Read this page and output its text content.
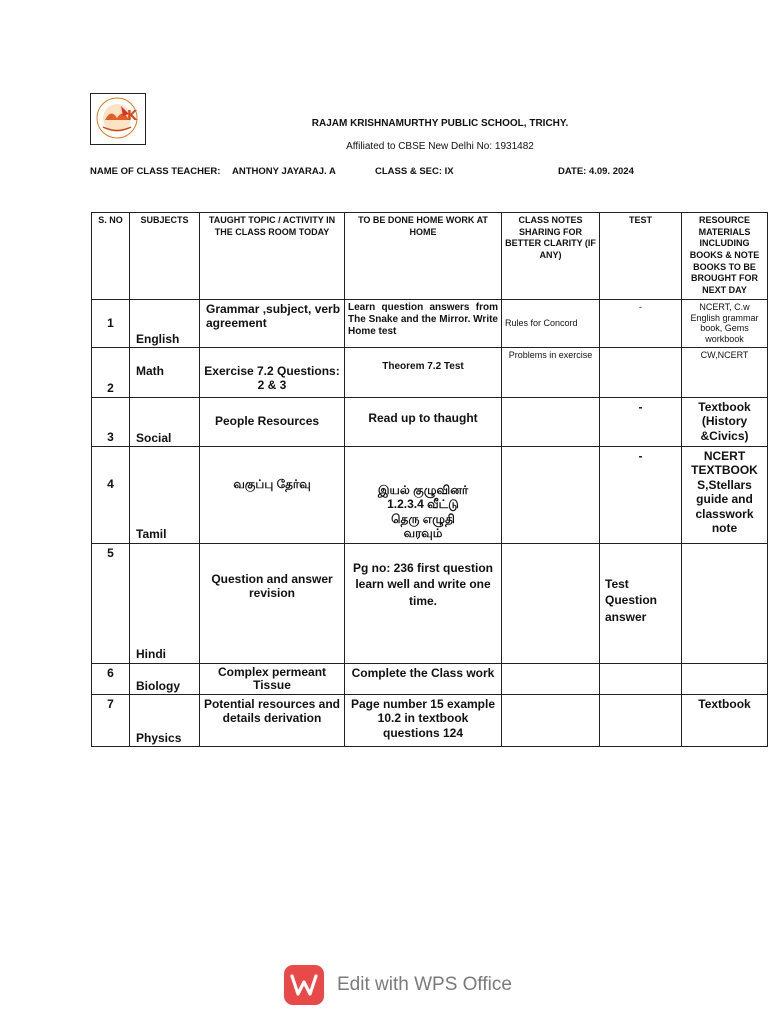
K	RAJAM KRISHNAMURTHY PUBLIC SCHOOL, TRICHY.
Affiliated to CBSE New Delhi No: 1931482
NAME OF CLASS TEACHER: ANTHONY JAYARAJ. A	CLASS & SEC: IX	DATE: 4.09. 2024
S. NO	SUBJECTS	TAUGHT TOPIC / ACTIVITY IN THE CLASS ROOM TODAY	TO BE DONE HOME WORK AT HOME	CLASS NOTES SHARING FOR BETTER CLARITY (IF ANY)	TEST	RESOURCE MATERIALS INCLUDING BOOKS & NOTE BOOKS TO BE BROUGHT FOR NEXT DAY
1	English	Grammar ,subject, verb agreement	Learn question answers from The Snake and the Mirror. Write Home test	Rules for Concord	-	NCERT, C.w English grammar book, Gems workbook
2	Math	Exercise 7.2 Questions: 2 & 3	Theorem 7.2 Test	Problems in exercise		CW,NCERT
3	Social	People Resources	Read up to thaught		-	Textbook (History &Civics)
4	Tamil	வகுப்பு தேர்வு	இயல் குழுவினர் 1.2.3.4 வீட்டு தெரு எழுதி வரவும்		-	NCERT TEXTBOOK S,Stellars guide and classwork note
5	Hindi	Question and answer revision	Pg no: 236 first question learn well and write one time.		Test Question answer	
6	Biology	Complex permeant Tissue	Complete the Class work			
7	Physics	Potential resources and details derivation	Page number 15 example 10.2 in textbook questions 124			Textbook
Edit with WPS Office
